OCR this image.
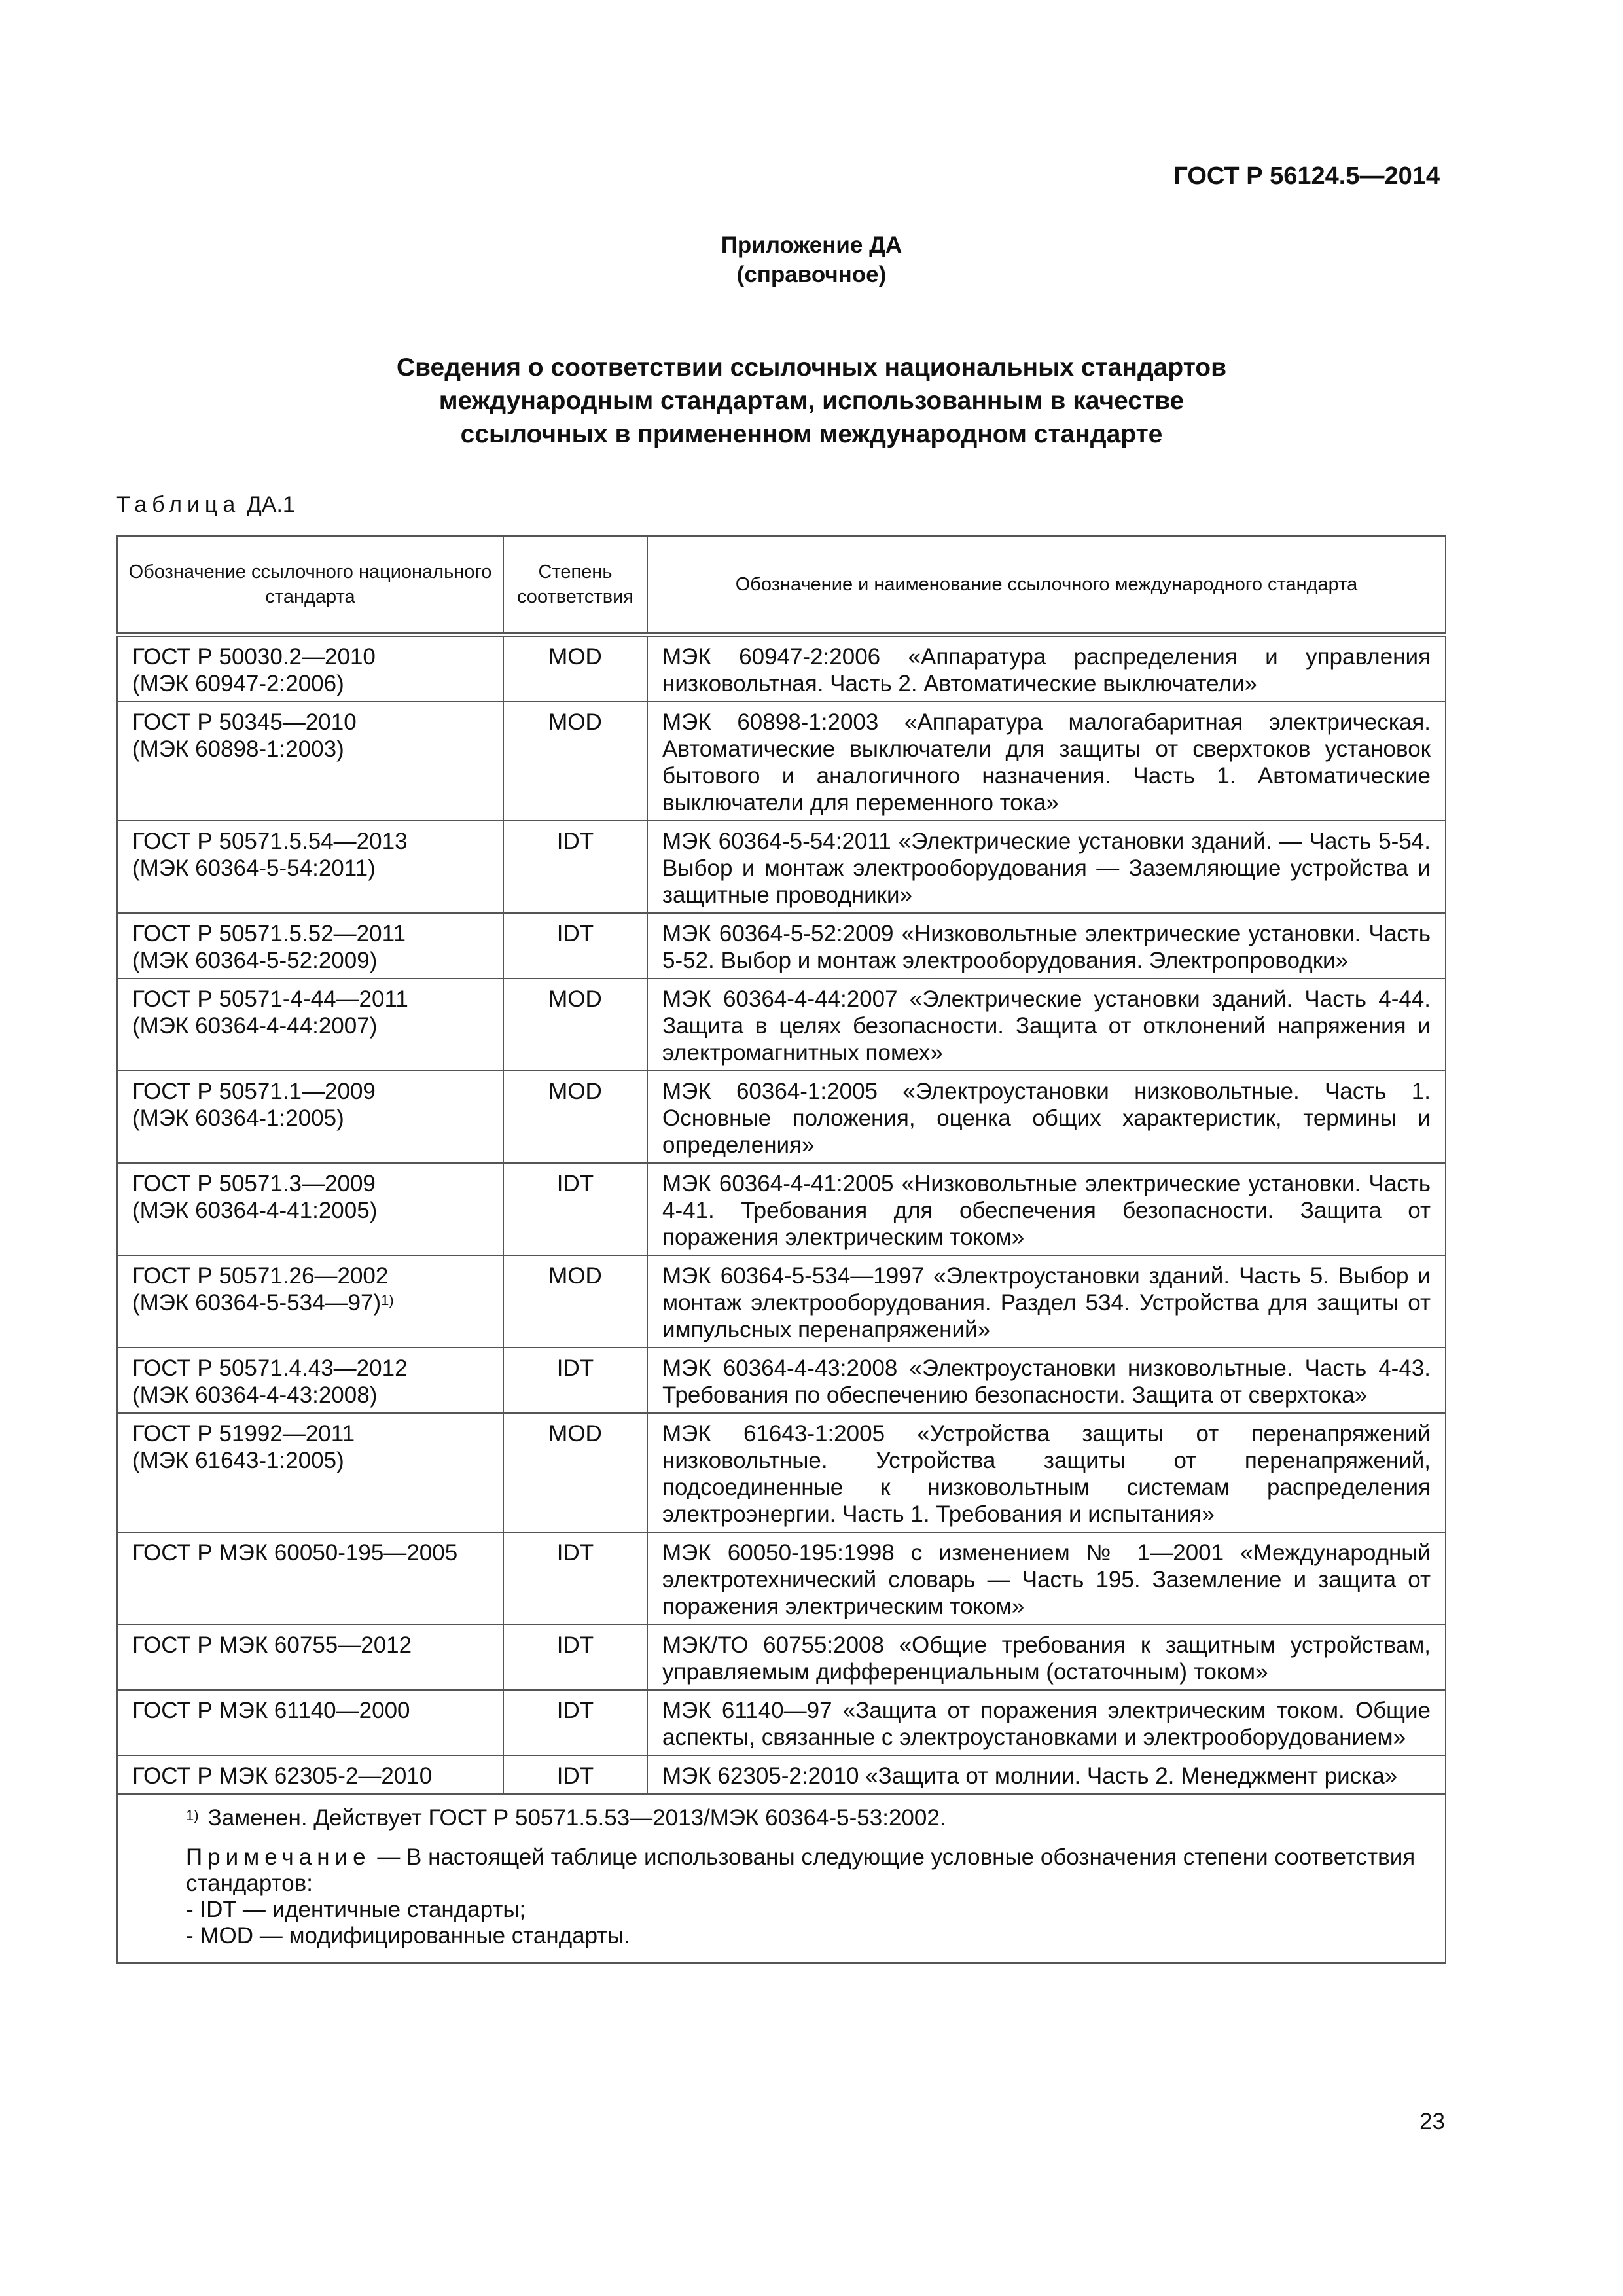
ГОСТ Р 56124.5—2014
Приложение ДА
(справочное)
Сведения о соответствии ссылочных национальных стандартов
международным стандартам, использованным в качестве
ссылочных в примененном международном стандарте
Таблица ДА.1
Обозначение ссылочного национального стандарта	Степень соответствия	Обозначение и наименование ссылочного международного стандарта
ГОСТ Р 50030.2—2010
(МЭК 60947-2:2006)	MOD	МЭК 60947-2:2006 «Аппаратура распределения и управления низковольтная. Часть 2. Автоматические выключатели»
ГОСТ Р 50345—2010
(МЭК 60898-1:2003)	MOD	МЭК 60898-1:2003 «Аппаратура малогабаритная электрическая. Автоматические выключатели для защиты от сверхтоков установок бытового и аналогичного назначения. Часть 1. Автоматические выключатели для переменного тока»
ГОСТ Р 50571.5.54—2013
(МЭК 60364-5-54:2011)	IDT	МЭК 60364-5-54:2011 «Электрические установки зданий. — Часть 5-54. Выбор и монтаж электрооборудования — Заземляющие устройства и защитные проводники»
ГОСТ Р 50571.5.52—2011
(МЭК 60364-5-52:2009)	IDT	МЭК 60364-5-52:2009 «Низковольтные электрические установки. Часть 5-52. Выбор и монтаж электрооборудования. Электропроводки»
ГОСТ Р 50571-4-44—2011
(МЭК 60364-4-44:2007)	MOD	МЭК 60364-4-44:2007 «Электрические установки зданий. Часть 4-44. Защита в целях безопасности. Защита от отклонений напряжения и электромагнитных помех»
ГОСТ Р 50571.1—2009
(МЭК 60364-1:2005)	MOD	МЭК 60364-1:2005 «Электроустановки низковольтные. Часть 1. Основные положения, оценка общих характеристик, термины и определения»
ГОСТ Р 50571.3—2009
(МЭК 60364-4-41:2005)	IDT	МЭК 60364-4-41:2005 «Низковольтные электрические установки. Часть 4-41. Требования для обеспечения безопасности. Защита от поражения электрическим током»
ГОСТ Р 50571.26—2002
(МЭК 60364-5-534—97)$^{1)}$	MOD	МЭК 60364-5-534—1997 «Электроустановки зданий. Часть 5. Выбор и монтаж электрооборудования. Раздел 534. Устройства для защиты от импульсных перенапряжений»
ГОСТ Р 50571.4.43—2012
(МЭК 60364-4-43:2008)	IDT	МЭК 60364-4-43:2008 «Электроустановки низковольтные. Часть 4-43. Требования по обеспечению безопасности. Защита от сверхтока»
ГОСТ Р 51992—2011
(МЭК 61643-1:2005)	MOD	МЭК 61643-1:2005 «Устройства защиты от перенапряжений низковольтные. Устройства защиты от перенапряжений, подсоединенные к низковольтным системам распределения электроэнергии. Часть 1. Требования и испытания»
ГОСТ Р МЭК 60050-195—2005	IDT	МЭК 60050-195:1998 с изменением № 1—2001 «Международный электротехнический словарь — Часть 195. Заземление и защита от поражения электрическим током»
ГОСТ Р МЭК 60755—2012	IDT	МЭК/ТО 60755:2008 «Общие требования к защитным устройствам, управляемым дифференциальным (остаточным) током»
ГОСТ Р МЭК 61140—2000	IDT	МЭК 61140—97 «Защита от поражения электрическим током. Общие аспекты, связанные с электроустановками и электрооборудованием»
ГОСТ Р МЭК 62305-2—2010	IDT	МЭК 62305-2:2010 «Защита от молнии. Часть 2. Менеджмент риска»

$^{1)}$ Заменен. Действует ГОСТ Р 50571.5.53—2013/МЭК 60364-5-53:2002.
Примечание — В настоящей таблице использованы следующие условные обозначения степени соответствия стандартов:
- IDT — идентичные стандарты;
- MOD — модифицированные стандарты.		
23
